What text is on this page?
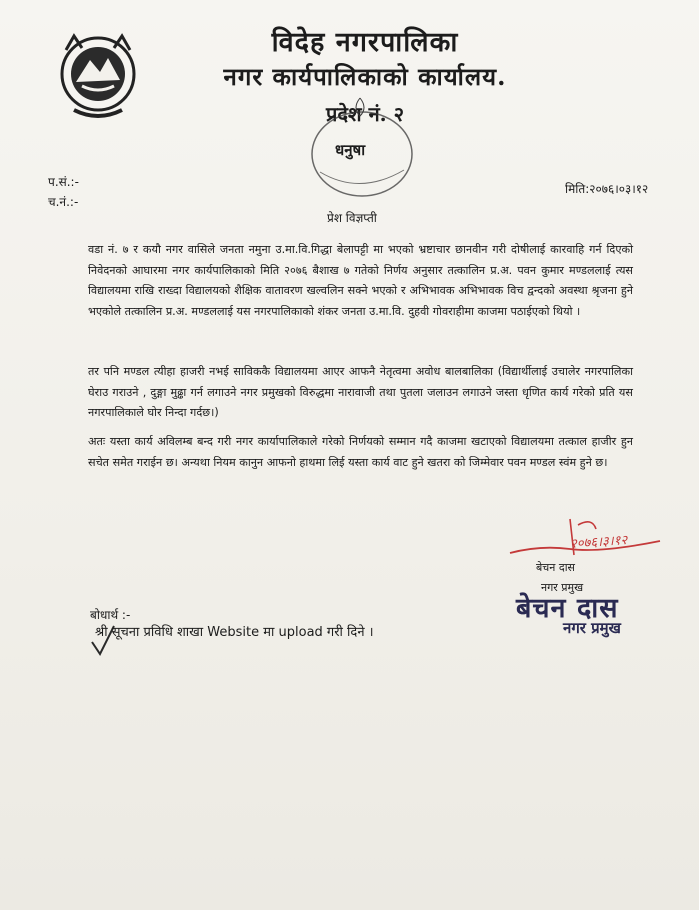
विदेह नगरपालिका
नगर कार्यपालिकाको कार्यालय.
प्रदेश नं. २
धनुषा
प.सं.:-
च.नं.:-
मिति:२०७६।०३।१२
प्रेश विज्ञप्ती
वडा नं. ७ र कयौ नगर वासिले जनता नमुना उ.मा.वि.गिद्धा बेलापट्टी मा भएको भ्रष्टाचार छानवीन गरी दोषीलाई कारवाहि गर्न दिएको निवेदनको आघारमा नगर कार्यपालिकाको मिति २०७६ बैशाख ७ गतेको निर्णय अनुसार तत्कालिन प्र.अ. पवन कुमार मण्डललाई त्यस विद्यालयमा राखि राख्दा विद्यालयको शैक्षिक वातावरण खल्वलिन सक्ने भएको र अभिभावक अभिभावक विच द्वन्दको अवस्था श्रृजना हुने भएकोले तत्कालिन प्र.अ. मण्डललाई यस नगरपालिकाको शंकर जनता उ.मा.वि. दुहवी गोवराहीमा काजमा पठाईएको थियो ।
तर पनि मण्डल त्यीहा हाजरी नभई साविककै विद्यालयमा आएर आफनै नेतृत्वमा अवोध बालबालिका (विद्यार्थीलाई उचालेर नगरपालिका घेराउ गराउने , दुङ्गा मुढ्ढा गर्न लगाउने नगर प्रमुखको विरुद्धमा नारावाजी तथा पुतला जलाउन लगाउने जस्ता धृणित कार्य गरेको प्रति यस नगरपालिकाले घोर निन्दा गर्दछ।)
अतः यस्ता कार्य अविलम्ब बन्द गरी नगर कार्यापालिकाले गरेको निर्णयको सम्मान गदै काजमा खटाएको विद्यालयमा तत्काल हाजीर हुन सचेत समेत गराईन छ। अन्यथा नियम कानुन आफनो हाथमा लिई यस्ता कार्य वाट हुने खतरा को जिम्मेवार पवन मण्डल स्वंम हुने छ।
२०७६।३।१२
बेचन दास
नगर प्रमुख
बेचन दास
नगर प्रमुख
बोधार्थ :-
श्री सूचना प्रविधि शाखा Website मा upload गरी दिने ।
